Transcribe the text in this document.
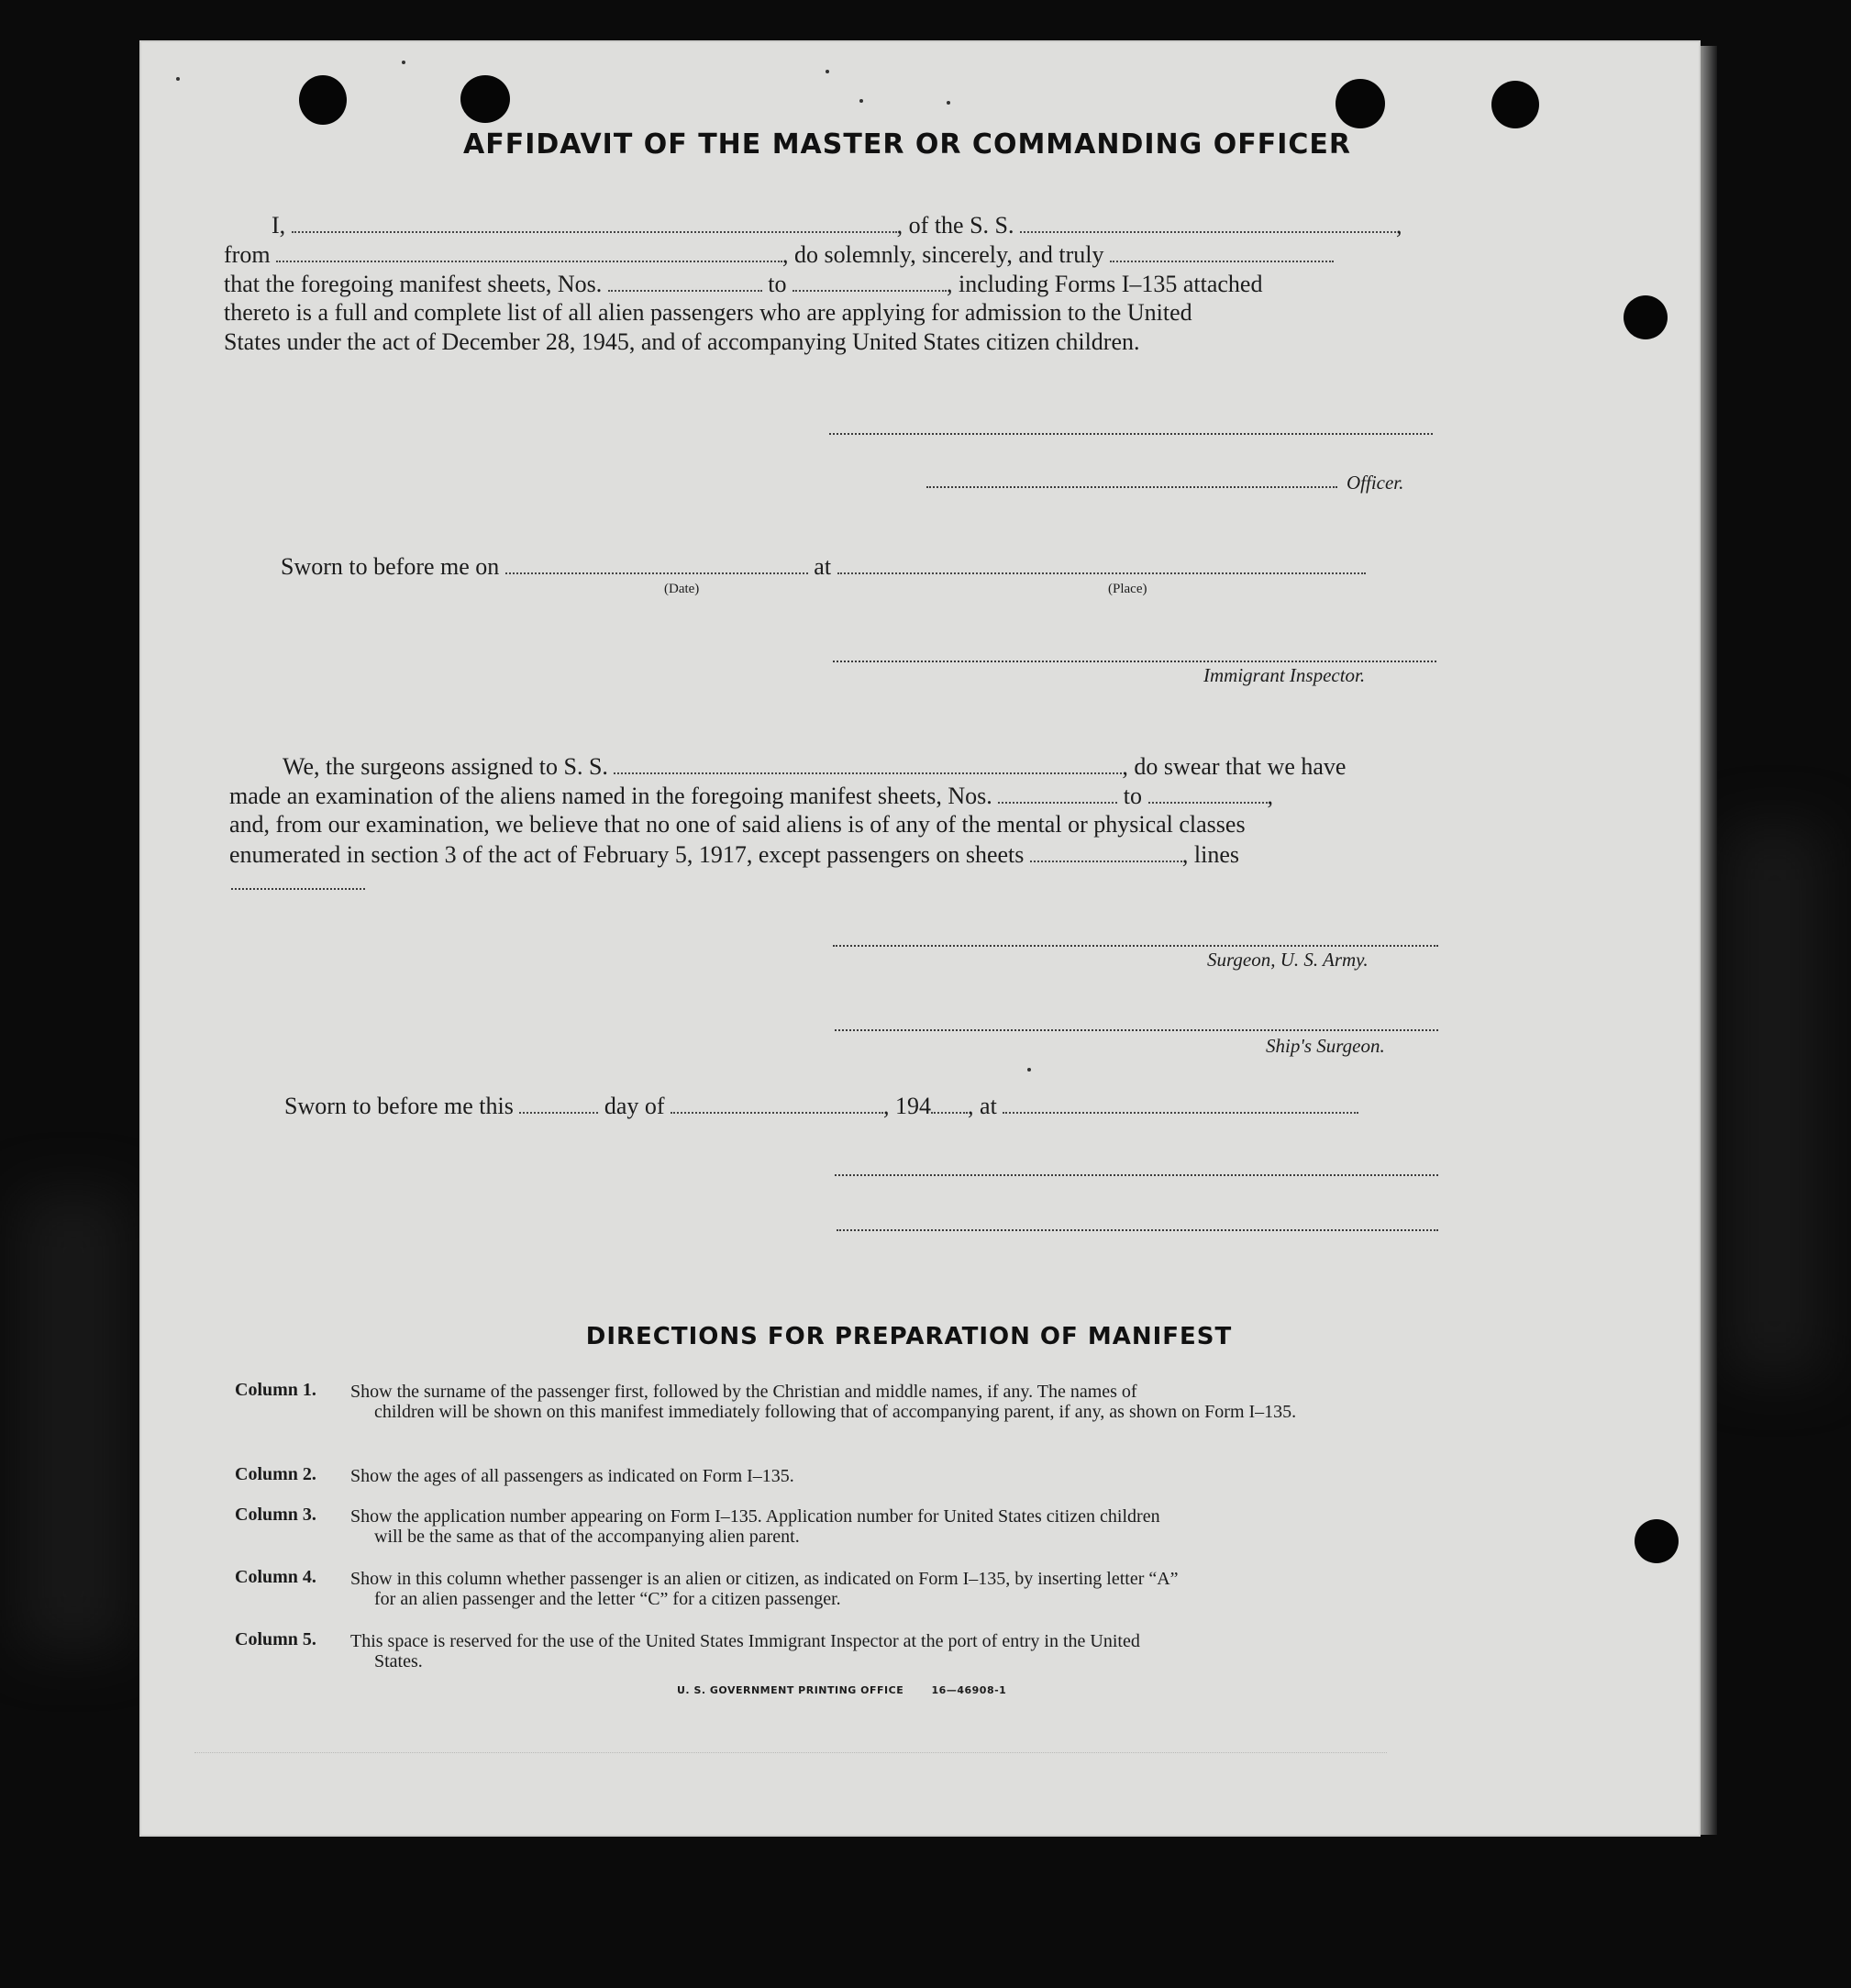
AFFIDAVIT OF THE MASTER OR COMMANDING OFFICER
I,	, of the S. S.	,
from	, do solemnly, sincerely, and truly
that the foregoing manifest sheets, Nos.	to	, including Forms I–135 attached
thereto is a full and complete list of all alien passengers who are applying for admission to the United
States under the act of December 28, 1945, and of accompanying United States citizen children.
Officer.
Sworn to before me on	at
(Date)	(Place)
Immigrant Inspector.
We, the surgeons assigned to S. S.	, do swear that we have
made an examination of the aliens named in the foregoing manifest sheets, Nos.	to	,
and, from our examination, we believe that no one of said aliens is of any of the mental or physical classes
enumerated in section 3 of the act of February 5, 1917, except passengers on sheets	, lines
Surgeon, U. S. Army.
Ship's Surgeon.
Sworn to before me this	day of	, 194 , at
DIRECTIONS FOR PREPARATION OF MANIFEST
Column 1. Show the surname of the passenger first, followed by the Christian and middle names, if any. The names of
children will be shown on this manifest immediately following that of accompanying parent, if any, as shown on Form I–135.
Column 2. Show the ages of all passengers as indicated on Form I–135.
Column 3. Show the application number appearing on Form I–135. Application number for United States citizen children
will be the same as that of the accompanying alien parent.
Column 4. Show in this column whether passenger is an alien or citizen, as indicated on Form I–135, by inserting letter “A”
for an alien passenger and the letter “C” for a citizen passenger.
Column 5. This space is reserved for the use of the United States Immigrant Inspector at the port of entry in the United
States.
U. S. GOVERNMENT PRINTING OFFICE	16—46908-1
